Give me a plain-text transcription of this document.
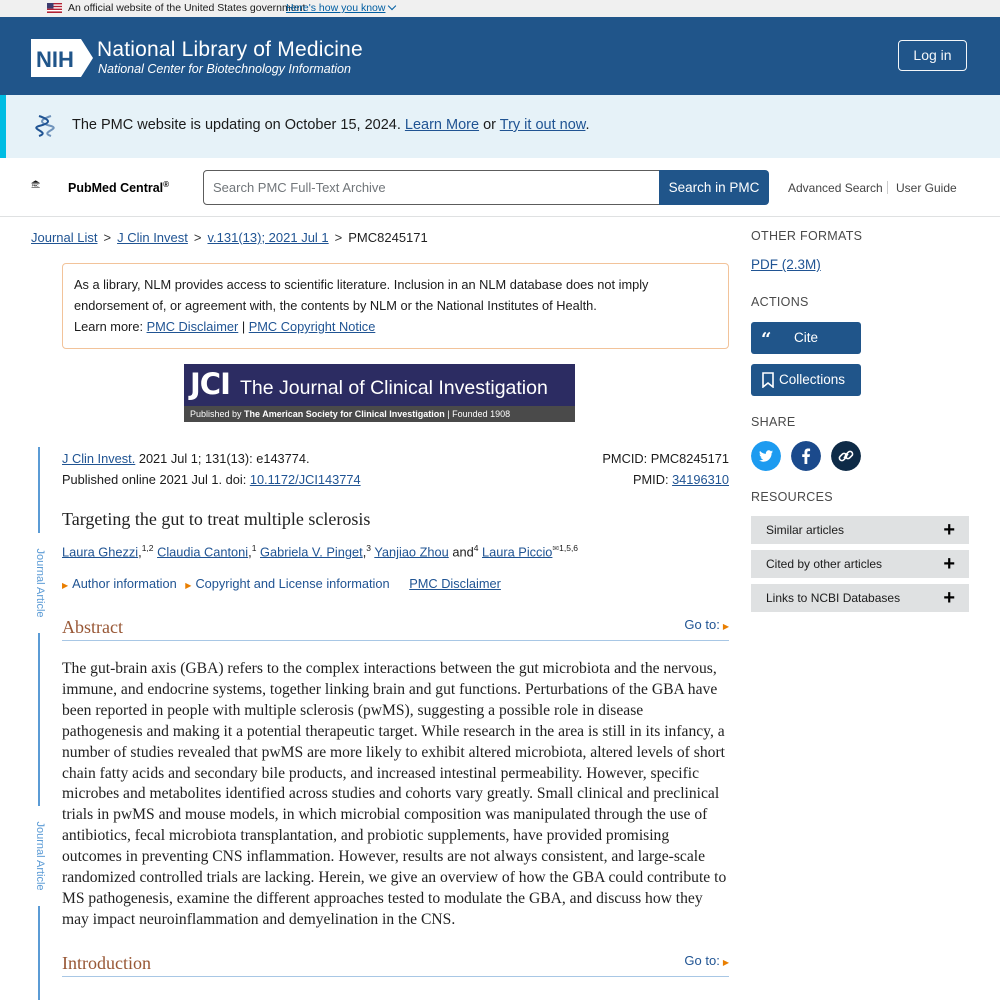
An official website of the United States government
Here's how you know
NIH National Library of Medicine
National Center for Biotechnology Information
Log in
The PMC website is updating on October 15, 2024. Learn More or Try it out now.
PMC PubMed Central®	Search PMC Full-Text Archive	Search in PMC	Advanced Search User Guide
Journal List > J Clin Invest > v.131(13); 2021 Jul 1 > PMC8245171
As a library, NLM provides access to scientific literature. Inclusion in an NLM database does not imply
endorsement of, or agreement with, the contents by NLM or the National Institutes of Health.
Learn more: PMC Disclaimer | PMC Copyright Notice
JCI The Journal of Clinical Investigation
Published by The American Society for Clinical Investigation | Founded 1908
Journal Article
Journal Article
J Clin Invest. 2021 Jul 1; 131(13): e143774.
Published online 2021 Jul 1. doi: 10.1172/JCI143774
PMCID: PMC8245171
PMID: 34196310
Targeting the gut to treat multiple sclerosis
Laura Ghezzi,$^{1,2}$ Claudia Cantoni,$^1$ Gabriela V. Pinget,$^3$ Yanjiao Zhou and$^4$ Laura Piccio$^{✉1,5,6}$
▶ Author information ▶ Copyright and License information PMC Disclaimer
Abstract	Go to: ▶
The gut-brain axis (GBA) refers to the complex interactions between the gut microbiota and the nervous,
immune, and endocrine systems, together linking brain and gut functions. Perturbations of the GBA have
been reported in people with multiple sclerosis (pwMS), suggesting a possible role in disease
pathogenesis and making it a potential therapeutic target. While research in the area is still in its infancy, a
number of studies revealed that pwMS are more likely to exhibit altered microbiota, altered levels of short
chain fatty acids and secondary bile products, and increased intestinal permeability. However, specific
microbes and metabolites identified across studies and cohorts vary greatly. Small clinical and preclinical
trials in pwMS and mouse models, in which microbial composition was manipulated through the use of
antibiotics, fecal microbiota transplantation, and probiotic supplements, have provided promising
outcomes in preventing CNS inflammation. However, results are not always consistent, and large-scale
randomized controlled trials are lacking. Herein, we give an overview of how the GBA could contribute to
MS pathogenesis, examine the different approaches tested to modulate the GBA, and discuss how they
may impact neuroinflammation and demyelination in the CNS.
Introduction	Go to: ▶
OTHER FORMATS
PDF (2.3M)
ACTIONS
“ Cite
Collections
SHARE
RESOURCES
Similar articles	+
Cited by other articles	+
Links to NCBI Databases +
